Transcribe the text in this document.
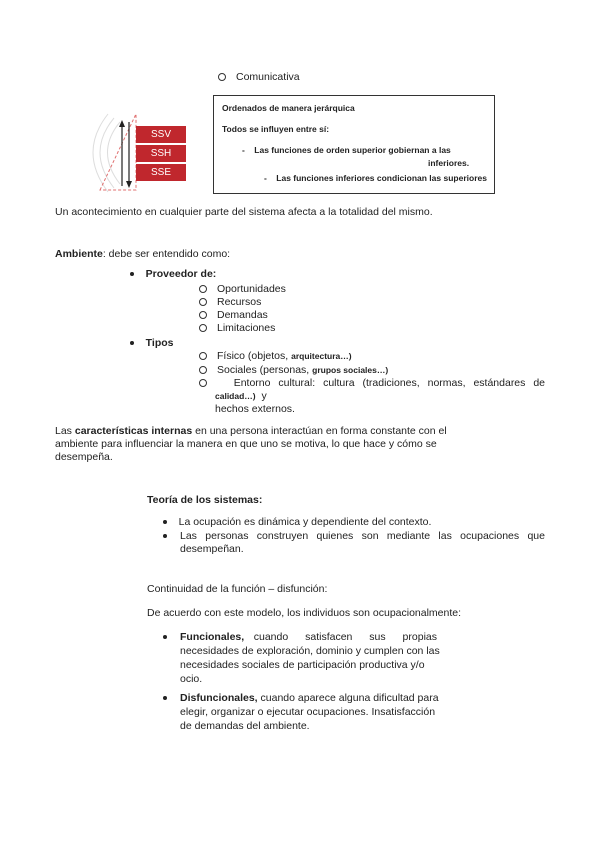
Comunicativa
SSV
SSH
SSE
Ordenados de manera jerárquica
Todos se influyen entre sí:
-    Las funciones de orden superior gobiernan a las
inferiores.
-    Las funciones inferiores condicionan las superiores
Un acontecimiento en cualquier parte del sistema afecta a la totalidad del mismo.
Ambiente: debe ser entendido como:
Proveedor de:
Oportunidades
Recursos
Demandas
Limitaciones
Tipos
Físico (objetos, arquitectura…)
Sociales (personas, grupos sociales…)
Entorno cultural: cultura (tradiciones, normas, estándares de
calidad…) y
hechos externos.
Las características internas en una persona interactúan en forma constante con el
ambiente para influenciar la manera en que uno se motiva, lo que hace y cómo se
desempeña.
Teoría de los sistemas:
La ocupación es dinámica y dependiente del contexto.
Las personas construyen quienes son mediante las ocupaciones que
desempeñan.
Continuidad de la función – disfunción:
De acuerdo con este modelo, los individuos son ocupacionalmente:
Funcionales, cuando satisfacen sus propias
necesidades de exploración, dominio y cumplen con las
necesidades sociales de participación productiva y/o
ocio.
Disfuncionales, cuando aparece alguna dificultad para
elegir, organizar o ejecutar ocupaciones. Insatisfacción
de demandas del ambiente.
